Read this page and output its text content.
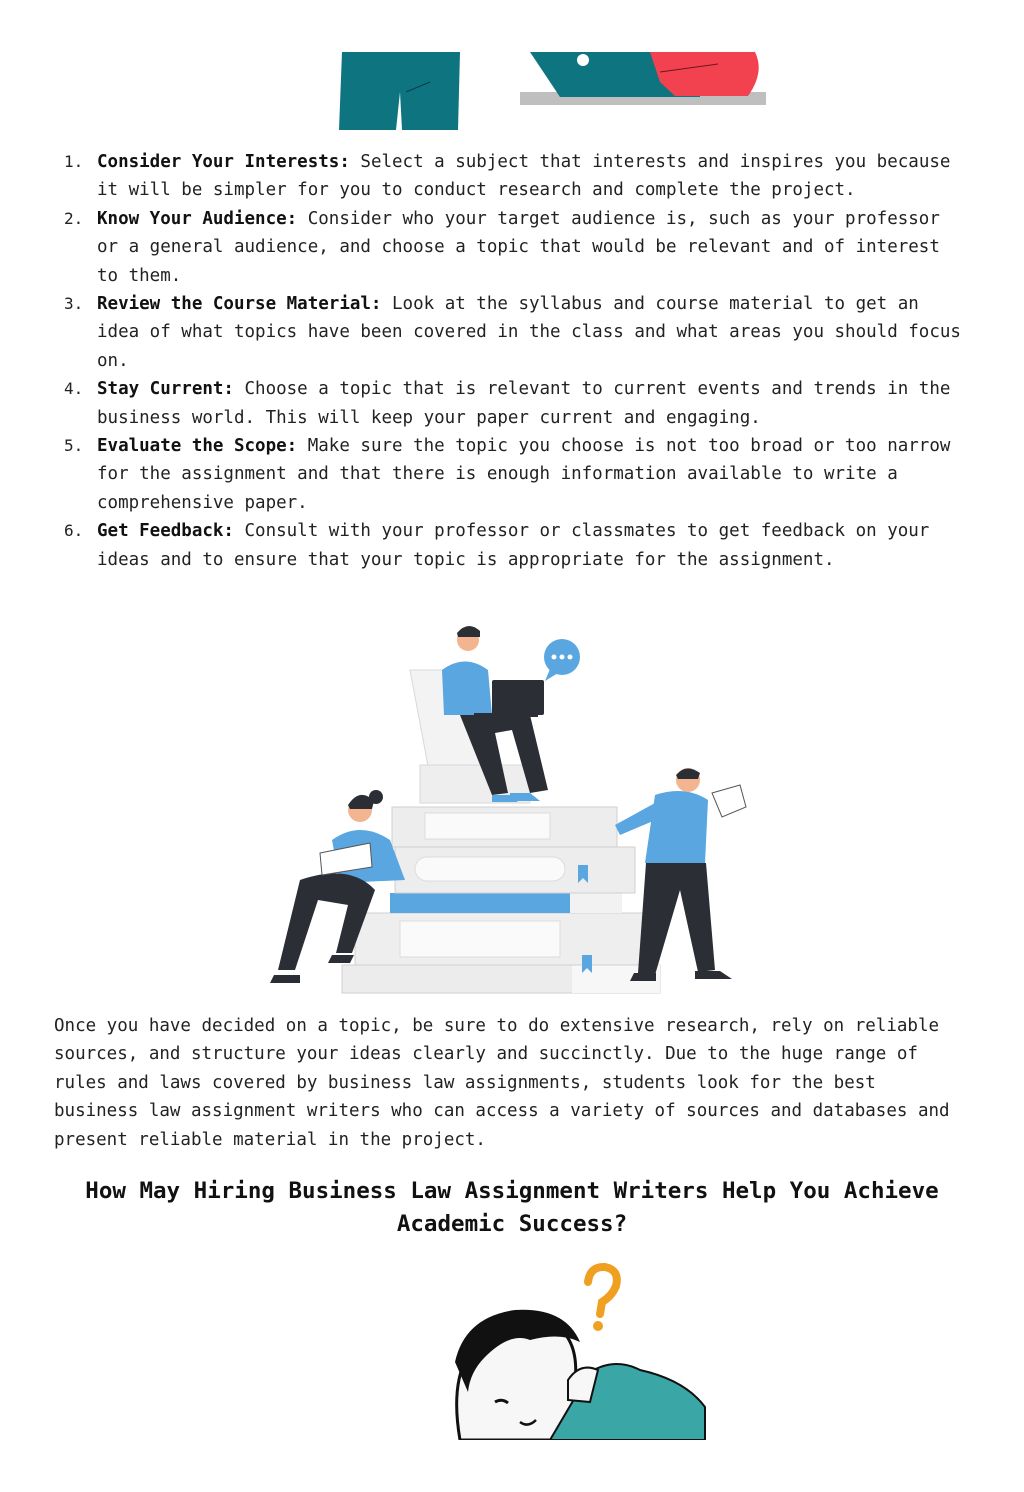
1. Consider Your Interests: Select a subject that interests and inspires you because it will be simpler for you to conduct research and complete the project.
2. Know Your Audience: Consider who your target audience is, such as your professor or a general audience, and choose a topic that would be relevant and of interest to them.
3. Review the Course Material: Look at the syllabus and course material to get an idea of what topics have been covered in the class and what areas you should focus on.
4. Stay Current: Choose a topic that is relevant to current events and trends in the business world. This will keep your paper current and engaging.
5. Evaluate the Scope: Make sure the topic you choose is not too broad or too narrow for the assignment and that there is enough information available to write a comprehensive paper.
6. Get Feedback: Consult with your professor or classmates to get feedback on your ideas and to ensure that your topic is appropriate for the assignment.

Once you have decided on a topic, be sure to do extensive research, rely on reliable sources, and structure your ideas clearly and succinctly. Due to the huge range of rules and laws covered by business law assignments, students look for the best business law assignment writers who can access a variety of sources and databases and present reliable material in the project.

How May Hiring Business Law Assignment Writers Help You Achieve Academic Success?
